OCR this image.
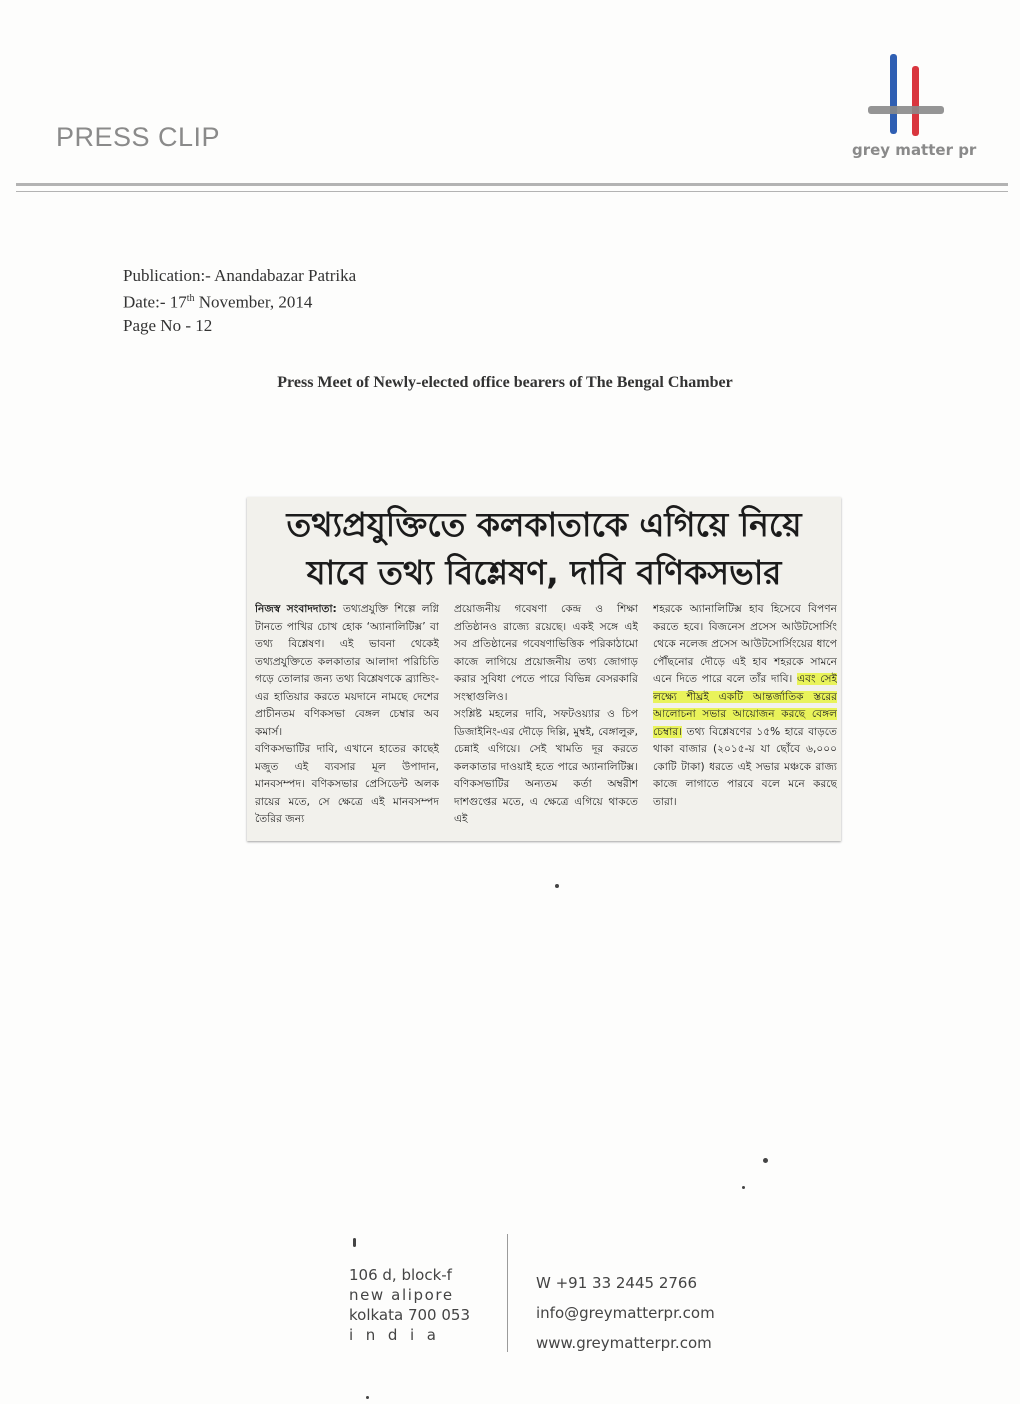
PRESS CLIP	grey matter pr
Publication:- Anandabazar Patrika
Date:- 17th November, 2014
Page No - 12
Press Meet of Newly-elected office bearers of The Bengal Chamber
তথ্যপ্রযুক্তিতে কলকাতাকে এগিয়ে নিয়ে
যাবে তথ্য বিশ্লেষণ, দাবি বণিকসভার
নিজস্ব সংবাদদাতা: তথ্যপ্রযুক্তি শিল্পে লগ্নি টানতে পাখির চোখ হোক ‘অ্যানালিটিক্স’ বা তথ্য বিশ্লেষণ। এই ভাবনা থেকেই তথ্যপ্রযুক্তিতে কলকাতার আলাদা পরিচিতি গড়ে তোলার জন্য তথ্য বিশ্লেষণকে ব্র্যান্ডিং-এর হাতিয়ার করতে ময়দানে নামছে দেশের প্রাচীনতম বণিকসভা বেঙ্গল চেম্বার অব কমার্স।
বণিকসভাটির দাবি, এখানে হাতের কাছেই মজুত এই ব্যবসার মূল উপাদান, মানবসম্পদ। বণিকসভার প্রেসিডেন্ট অলক রায়ের মতে, সে ক্ষেত্রে এই মানবসম্পদ তৈরির জন্য
প্রয়োজনীয় গবেষণা কেন্দ্র ও শিক্ষা প্রতিষ্ঠানও রাজ্যে রয়েছে। একই সঙ্গে এই সব প্রতিষ্ঠানের গবেষণাভিত্তিক পরিকাঠামো কাজে লাগিয়ে প্রয়োজনীয় তথ্য জোগাড় করার সুবিধা পেতে পারে বিভিন্ন বেসরকারি সংস্থাগুলিও।
সংশ্লিষ্ট মহলের দাবি, সফটওয়্যার ও চিপ ডিজাইনিং-এর দৌড়ে দিল্লি, মুম্বই, বেঙ্গালুরু, চেন্নাই এগিয়ে। সেই খামতি দূর করতে কলকাতার দাওয়াই হতে পারে অ্যানালিটিক্স। বণিকসভাটির অন্যতম কর্তা অম্বরীশ দাশগুপ্তের মতে, এ ক্ষেত্রে এগিয়ে থাকতে এই
শহরকে অ্যানালিটিক্স হাব হিসেবে বিপণন করতে হবে। বিজনেস প্রসেস আউটসোর্সিং থেকে নলেজ প্রসেস আউটসোর্সিংয়ের ধাপে পৌঁছনোর দৌড়ে এই হাব শহরকে সামনে এনে দিতে পারে বলে তাঁর দাবি। এবং সেই লক্ষ্যে শীঘ্রই একটি আন্তর্জাতিক স্তরের আলোচনা সভার আয়োজন করছে বেঙ্গল চেম্বার। তথ্য বিশ্লেষণের ১৫% হারে বাড়তে থাকা বাজার (২০১৫-য় যা ছোঁবে ৬,০০০ কোটি টাকা) ধরতে এই সভার মঞ্চকে রাজ্য কাজে লাগাতে পারবে বলে মনে করছে তারা।
106 d, block-f
new alipore
kolkata 700 053
india
W +91 33 2445 2766
info@greymatterpr.com
www.greymatterpr.com
